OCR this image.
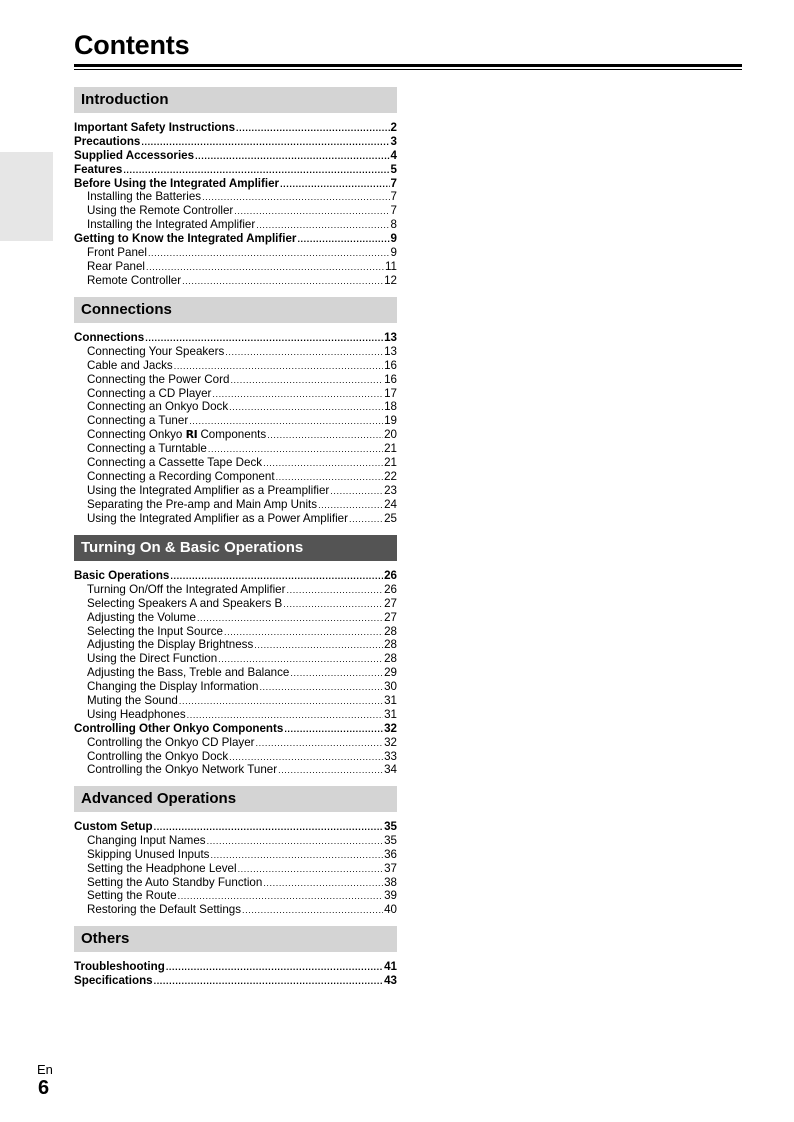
Contents
Introduction
Important Safety Instructions .....	2
Precautions .....	3
Supplied Accessories .....	4
Features .....	5
Before Using the Integrated Amplifier .....	7
Installing the Batteries .....	7
Using the Remote Controller .....	7
Installing the Integrated Amplifier .....	8
Getting to Know the Integrated Amplifier .....	9
Front Panel .....	9
Rear Panel .....	11
Remote Controller .....	12
Connections
Connections .....	13
Connecting Your Speakers .....	13
Cable and Jacks .....	16
Connecting the Power Cord .....	16
Connecting a CD Player .....	17
Connecting an Onkyo Dock .....	18
Connecting a Tuner .....	19
Connecting Onkyo RI Components .....	20
Connecting a Turntable .....	21
Connecting a Cassette Tape Deck .....	21
Connecting a Recording Component .....	22
Using the Integrated Amplifier as a Preamplifier .....	23
Separating the Pre-amp and Main Amp Units .....	24
Using the Integrated Amplifier as a Power Amplifier .....	25
Turning On & Basic Operations
Basic Operations .....	26
Turning On/Off the Integrated Amplifier .....	26
Selecting Speakers A and Speakers B .....	27
Adjusting the Volume .....	27
Selecting the Input Source .....	28
Adjusting the Display Brightness .....	28
Using the Direct Function .....	28
Adjusting the Bass, Treble and Balance .....	29
Changing the Display Information .....	30
Muting the Sound .....	31
Using Headphones .....	31
Controlling Other Onkyo Components .....	32
Controlling the Onkyo CD Player .....	32
Controlling the Onkyo Dock .....	33
Controlling the Onkyo Network Tuner .....	34
Advanced Operations
Custom Setup .....	35
Changing Input Names .....	35
Skipping Unused Inputs .....	36
Setting the Headphone Level .....	37
Setting the Auto Standby Function .....	38
Setting the Route .....	39
Restoring the Default Settings .....	40
Others
Troubleshooting .....	41
Specifications .....	43
En
6
